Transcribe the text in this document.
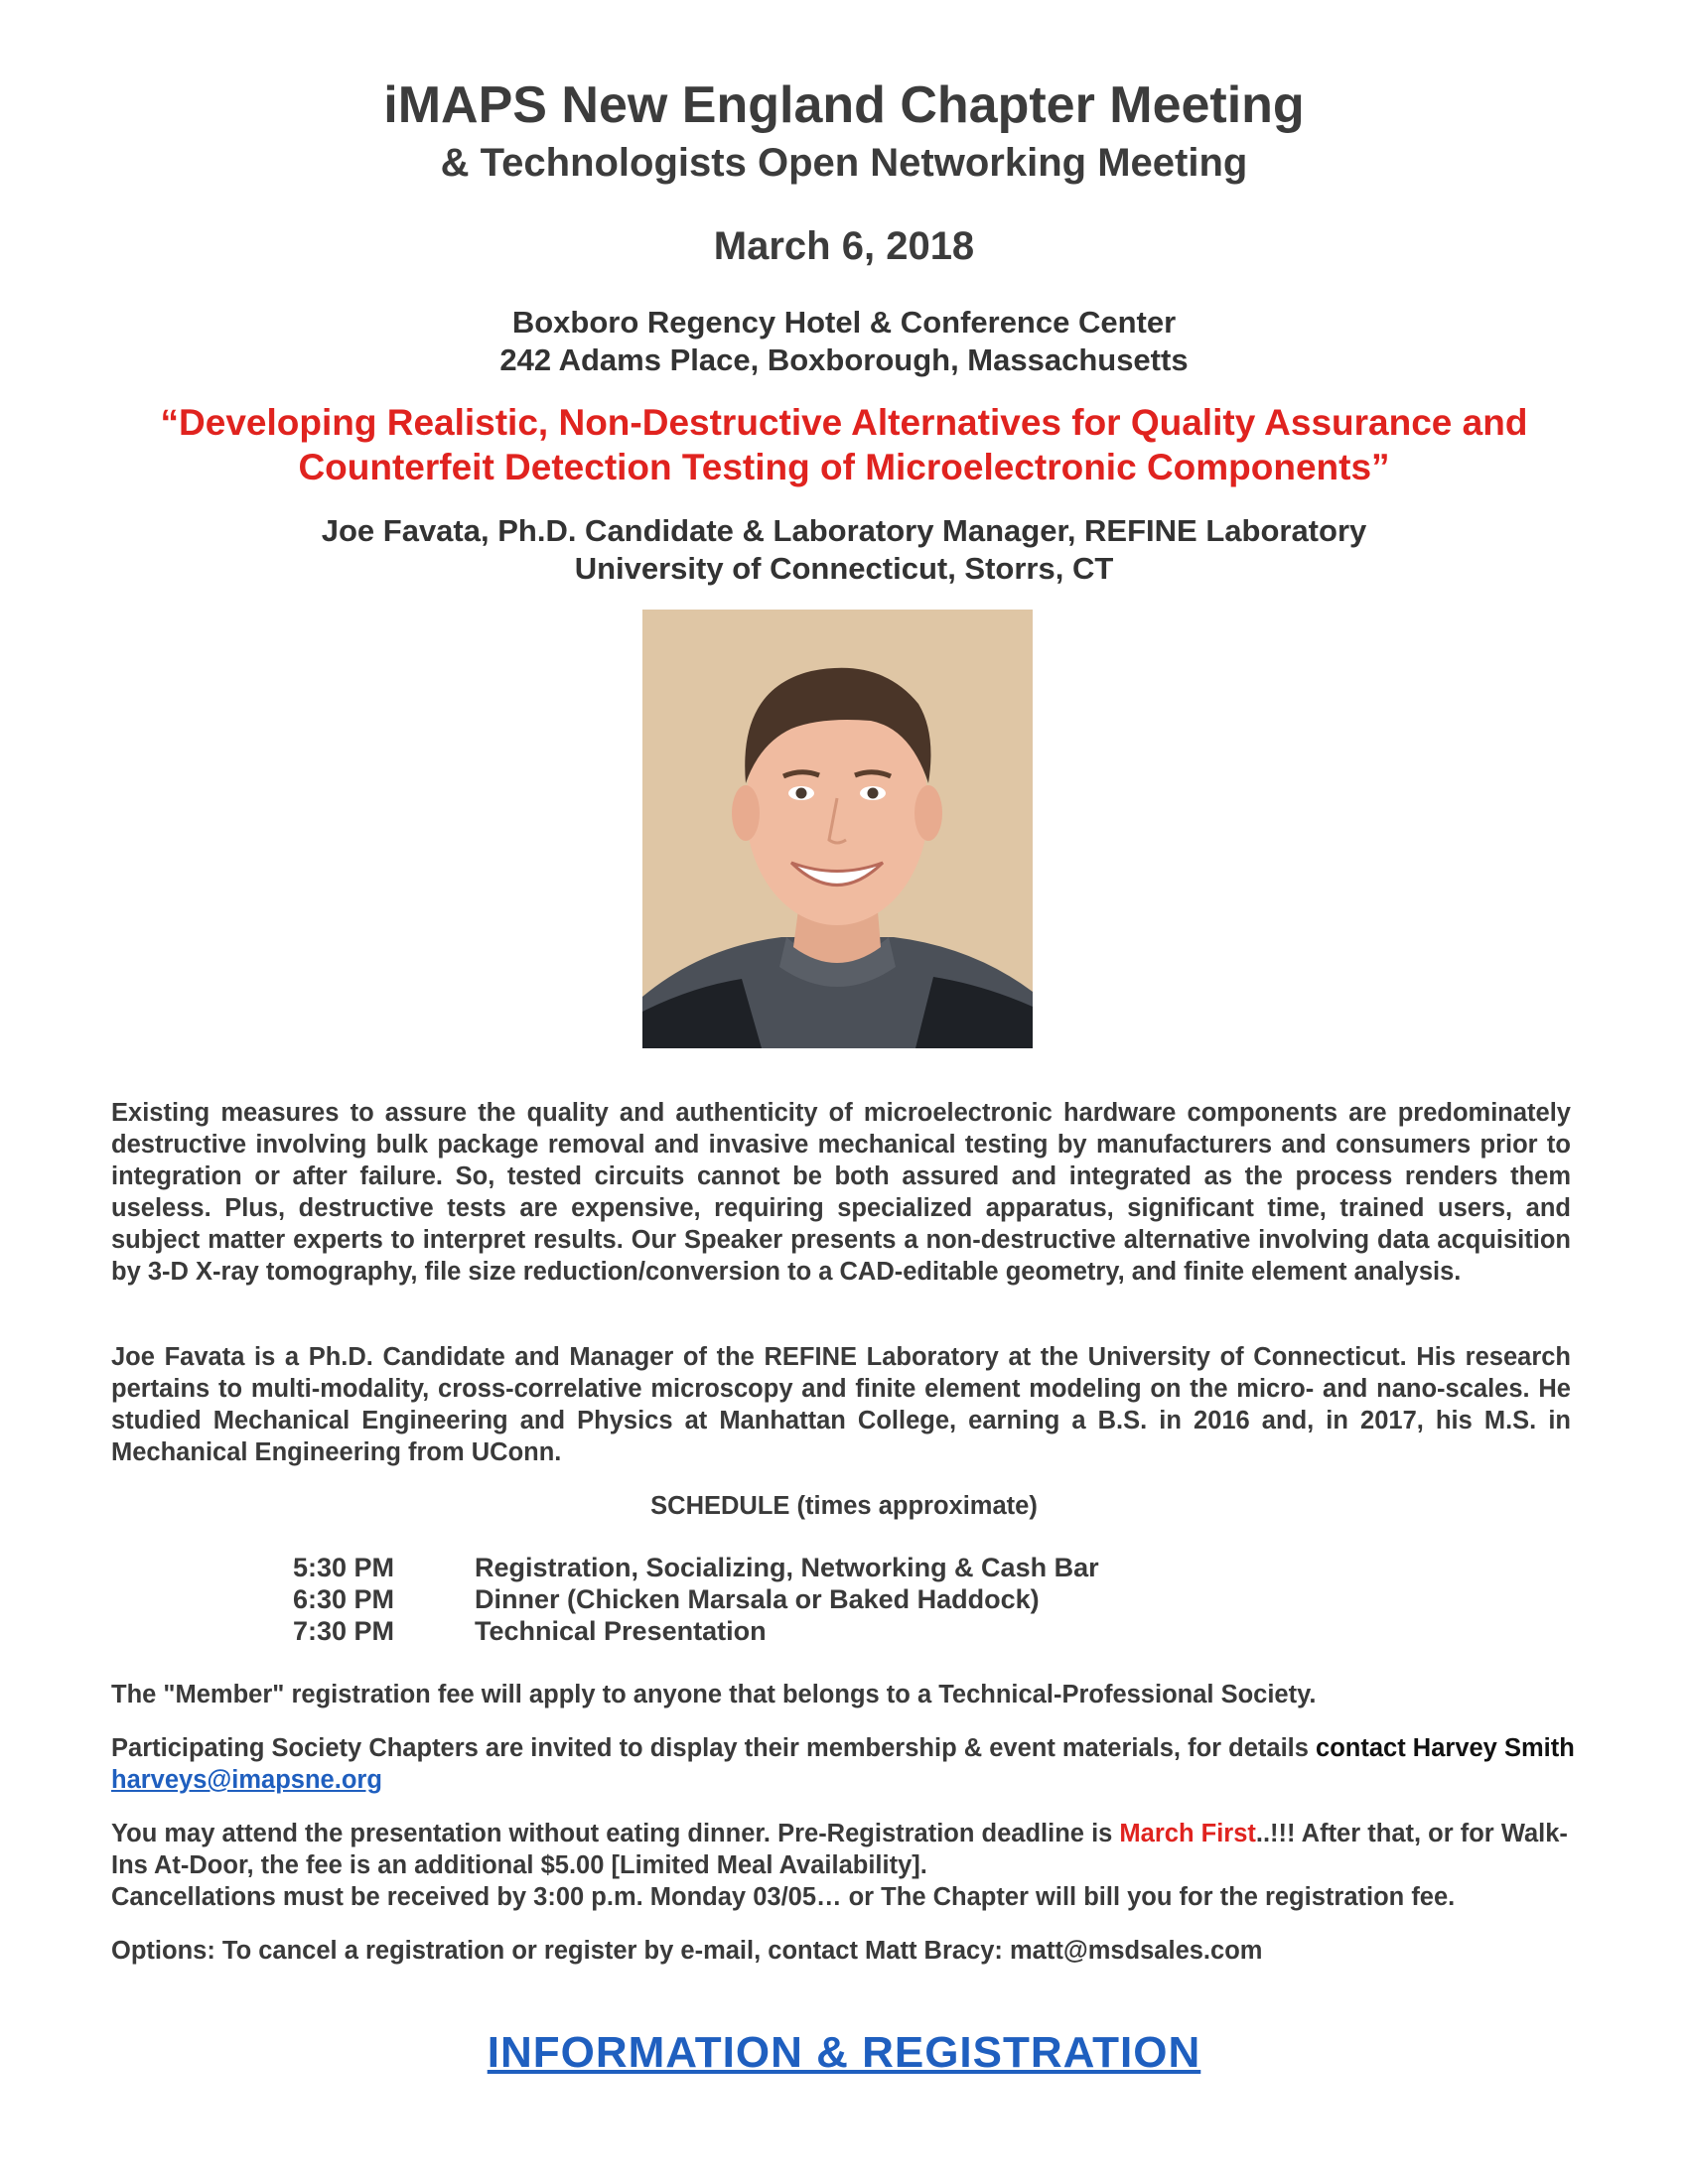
iMAPS New England Chapter Meeting
& Technologists Open Networking Meeting
March 6, 2018
Boxboro Regency Hotel & Conference Center
242 Adams Place, Boxborough, Massachusetts
“Developing Realistic, Non-Destructive Alternatives for Quality Assurance and
Counterfeit Detection Testing of Microelectronic Components”
Joe Favata, Ph.D. Candidate & Laboratory Manager, REFINE Laboratory
University of Connecticut, Storrs, CT
Existing measures to assure the quality and authenticity of microelectronic hardware components are predominately destructive involving bulk package removal and invasive mechanical testing by manufacturers and consumers prior to integration or after failure. So, tested circuits cannot be both assured and integrated as the process renders them useless. Plus, destructive tests are expensive, requiring specialized apparatus, significant time, trained users, and subject matter experts to interpret results. Our Speaker presents a non-destructive alternative involving data acquisition by 3-D X-ray tomography, file size reduction/conversion to a CAD-editable geometry, and finite element analysis.
Joe Favata is a Ph.D. Candidate and Manager of the REFINE Laboratory at the University of Connecticut. His research pertains to multi-modality, cross-correlative microscopy and finite element modeling on the micro- and nano-scales. He studied Mechanical Engineering and Physics at Manhattan College, earning a B.S. in 2016 and, in 2017, his M.S. in Mechanical Engineering from UConn.
SCHEDULE (times approximate)
5:30 PM	Registration, Socializing, Networking & Cash Bar
6:30 PM	Dinner (Chicken Marsala or Baked Haddock)
7:30 PM	Technical Presentation
The "Member" registration fee will apply to anyone that belongs to a Technical-Professional Society.
Participating Society Chapters are invited to display their membership & event materials, for details contact Harvey Smith harveys@imapsne.org
You may attend the presentation without eating dinner. Pre-Registration deadline is March First..!!! After that, or for Walk-Ins At-Door, the fee is an additional $5.00 [Limited Meal Availability].
Cancellations must be received by 3:00 p.m. Monday 03/05… or The Chapter will bill you for the registration fee.
Options: To cancel a registration or register by e-mail, contact Matt Bracy: matt@msdsales.com
INFORMATION & REGISTRATION
